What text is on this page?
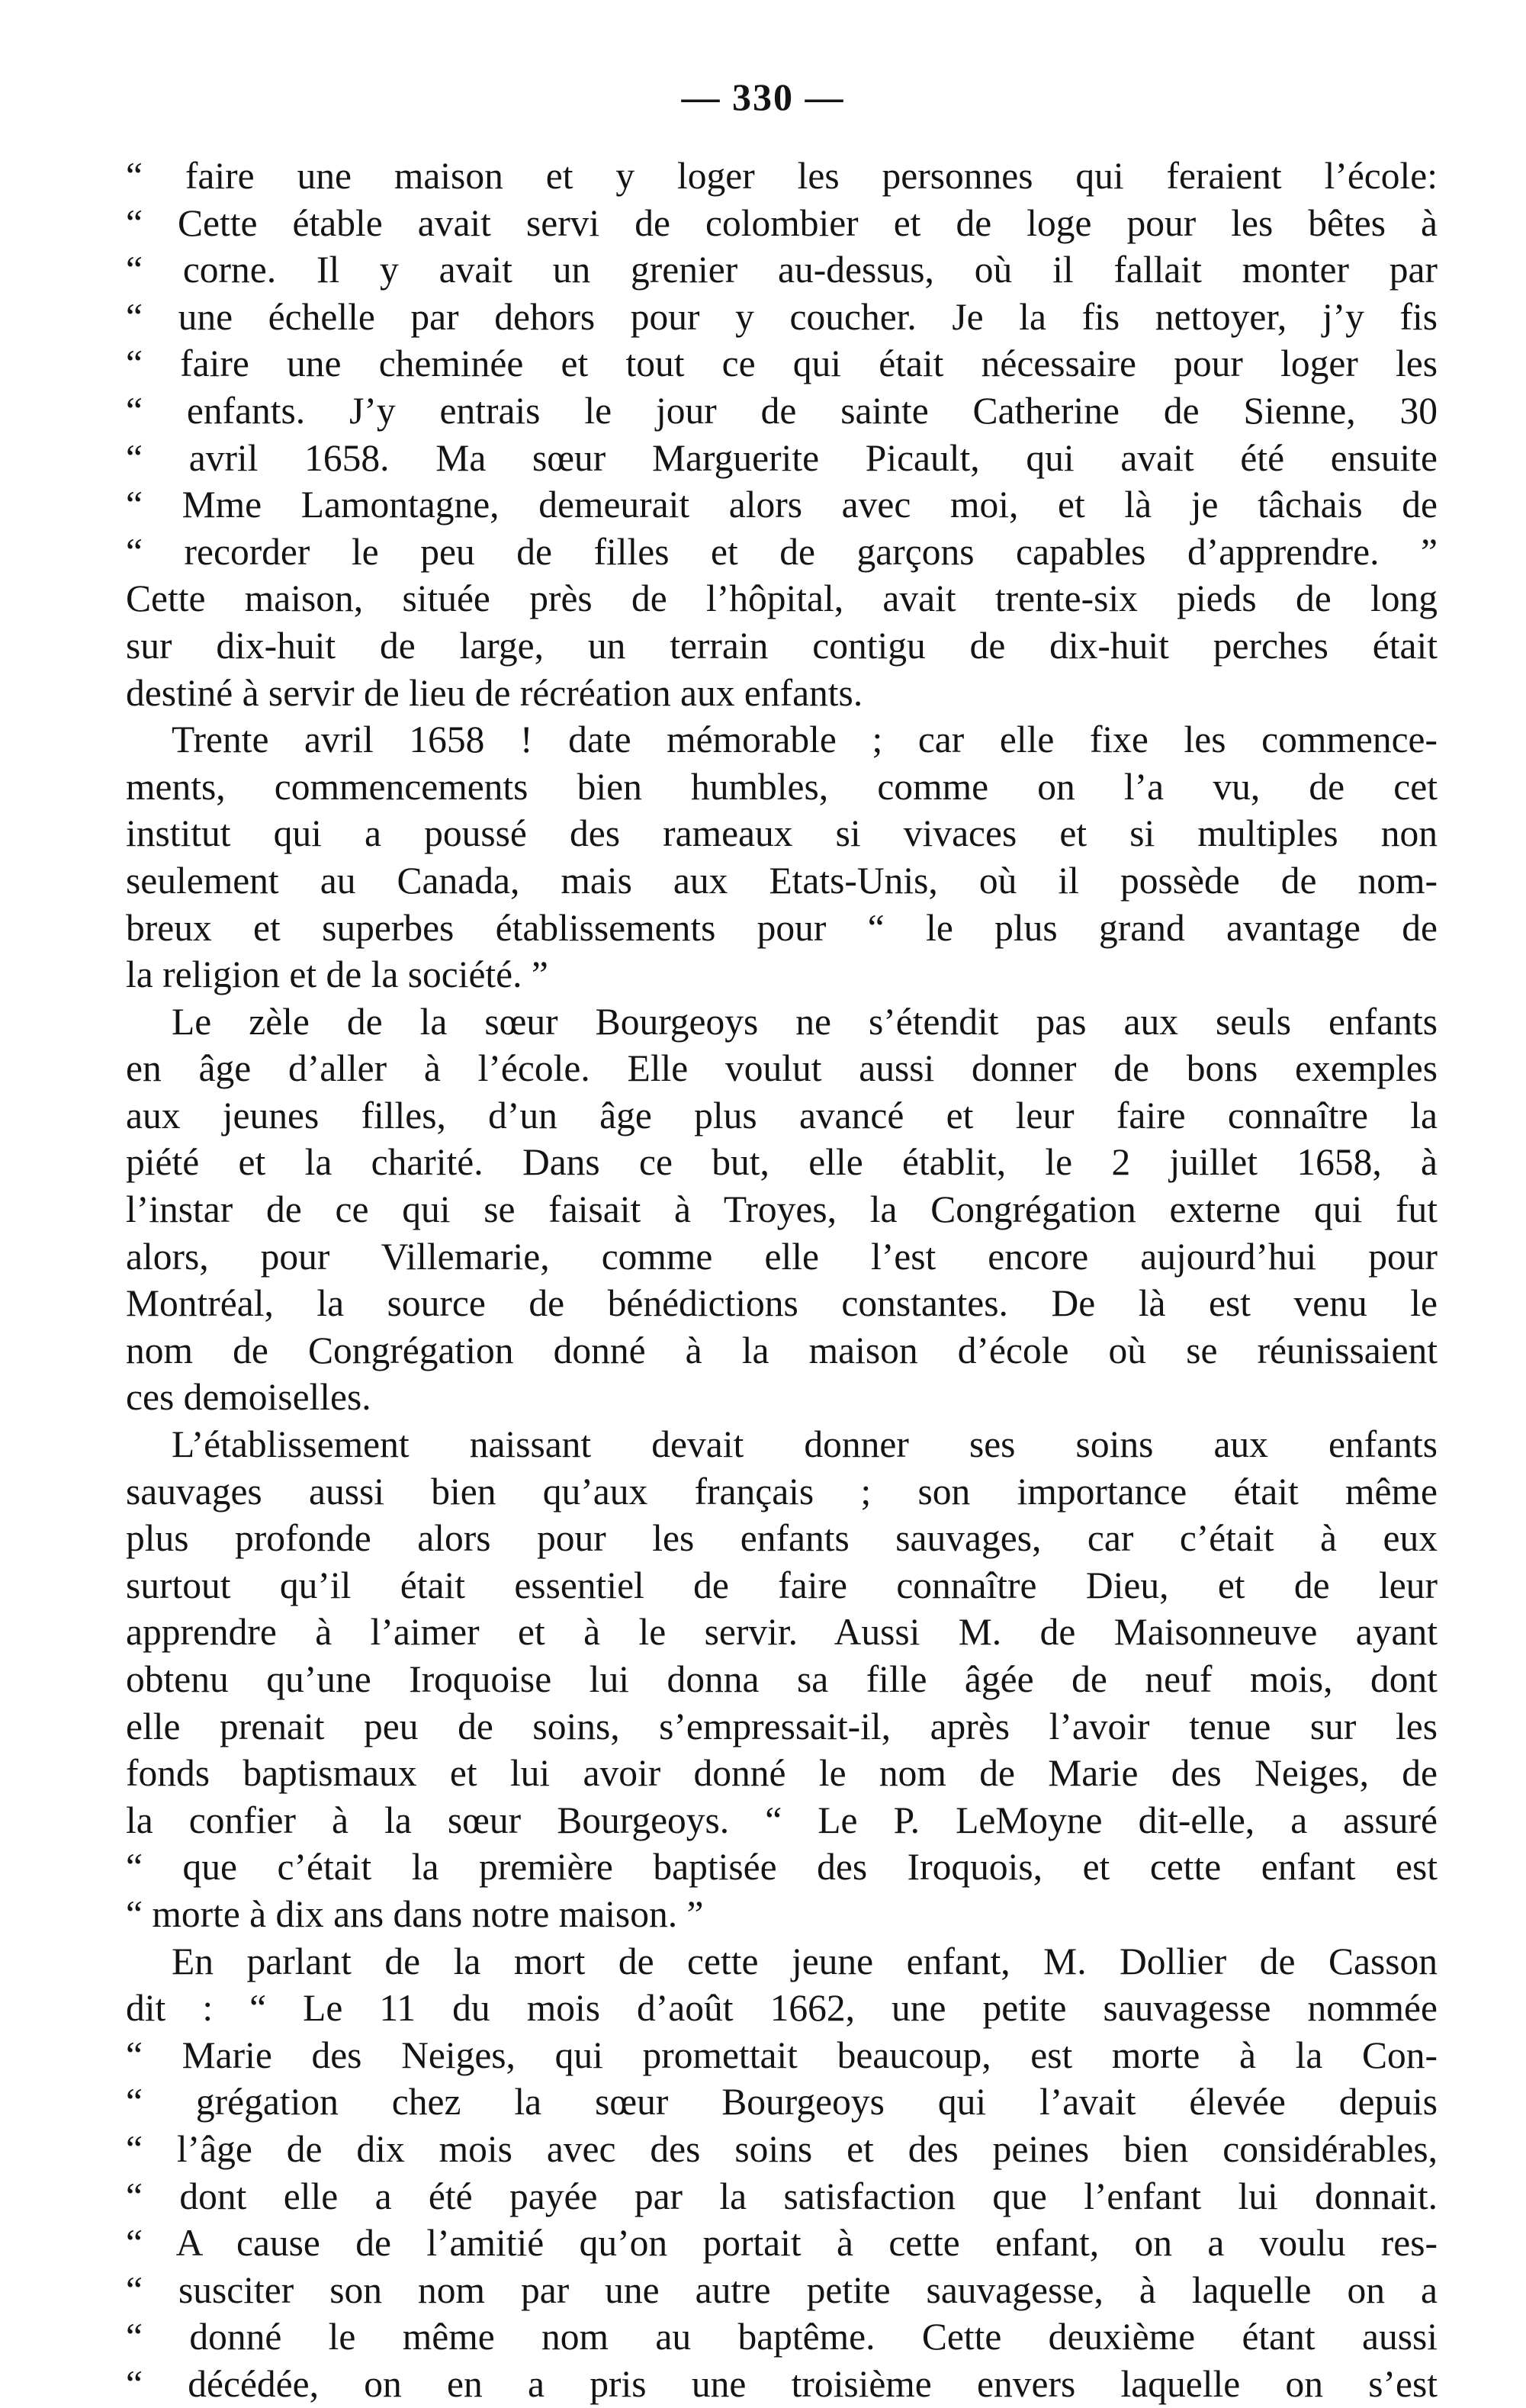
— 330 —
“ faire une maison et y loger les personnes qui feraient l’école:
“ Cette étable avait servi de colombier et de loge pour les bêtes à
“ corne. Il y avait un grenier au-dessus, où il fallait monter par
“ une échelle par dehors pour y coucher. Je la fis nettoyer, j’y fis
“ faire une cheminée et tout ce qui était nécessaire pour loger les
“ enfants. J’y entrais le jour de sainte Catherine de Sienne, 30
“ avril 1658. Ma sœur Marguerite Picault, qui avait été ensuite
“ Mme Lamontagne, demeurait alors avec moi, et là je tâchais de
“ recorder le peu de filles et de garçons capables d’apprendre. ”
Cette maison, située près de l’hôpital, avait trente-six pieds de long
sur dix-huit de large, un terrain contigu de dix-huit perches était
destiné à servir de lieu de récréation aux enfants.
Trente avril 1658 ! date mémorable ; car elle fixe les commence-
ments, commencements bien humbles, comme on l’a vu, de cet
institut qui a poussé des rameaux si vivaces et si multiples non
seulement au Canada, mais aux Etats-Unis, où il possède de nom-
breux et superbes établissements pour “ le plus grand avantage de
la religion et de la société. ”
Le zèle de la sœur Bourgeoys ne s’étendit pas aux seuls enfants
en âge d’aller à l’école. Elle voulut aussi donner de bons exemples
aux jeunes filles, d’un âge plus avancé et leur faire connaître la
piété et la charité. Dans ce but, elle établit, le 2 juillet 1658, à
l’instar de ce qui se faisait à Troyes, la Congrégation externe qui fut
alors, pour Villemarie, comme elle l’est encore aujourd’hui pour
Montréal, la source de bénédictions constantes. De là est venu le
nom de Congrégation donné à la maison d’école où se réunissaient
ces demoiselles.
L’établissement naissant devait donner ses soins aux enfants
sauvages aussi bien qu’aux français ; son importance était même
plus profonde alors pour les enfants sauvages, car c’était à eux
surtout qu’il était essentiel de faire connaître Dieu, et de leur
apprendre à l’aimer et à le servir. Aussi M. de Maisonneuve ayant
obtenu qu’une Iroquoise lui donna sa fille âgée de neuf mois, dont
elle prenait peu de soins, s’empressait-il, après l’avoir tenue sur les
fonds baptismaux et lui avoir donné le nom de Marie des Neiges, de
la confier à la sœur Bourgeoys. “ Le P. LeMoyne dit-elle, a assuré
“ que c’était la première baptisée des Iroquois, et cette enfant est
“ morte à dix ans dans notre maison. ”
En parlant de la mort de cette jeune enfant, M. Dollier de Casson
dit : “ Le 11 du mois d’août 1662, une petite sauvagesse nommée
“ Marie des Neiges, qui promettait beaucoup, est morte à la Con-
“ grégation chez la sœur Bourgeoys qui l’avait élevée depuis
“ l’âge de dix mois avec des soins et des peines bien considérables,
“ dont elle a été payée par la satisfaction que l’enfant lui donnait.
“ A cause de l’amitié qu’on portait à cette enfant, on a voulu res-
“ susciter son nom par une autre petite sauvagesse, à laquelle on a
“ donné le même nom au baptême. Cette deuxième étant aussi
“ décédée, on en a pris une troisième envers laquelle on s’est
